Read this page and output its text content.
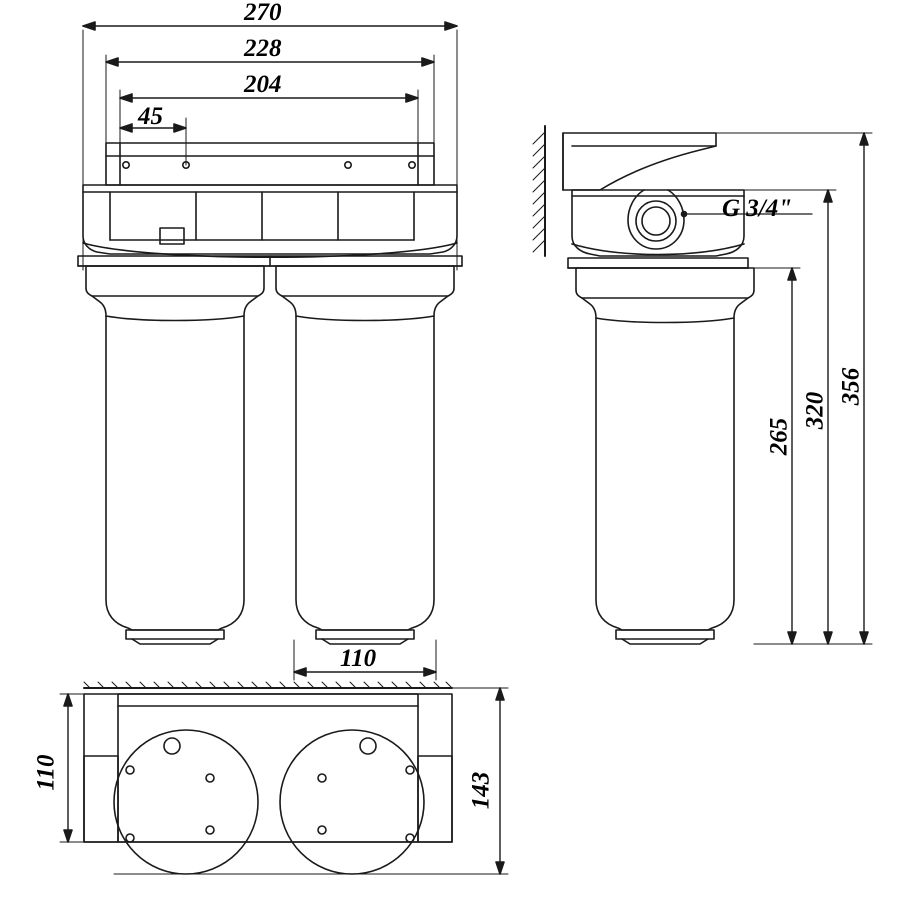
270
228
204
45
110
G 3/4"
265
320
356
110	143
